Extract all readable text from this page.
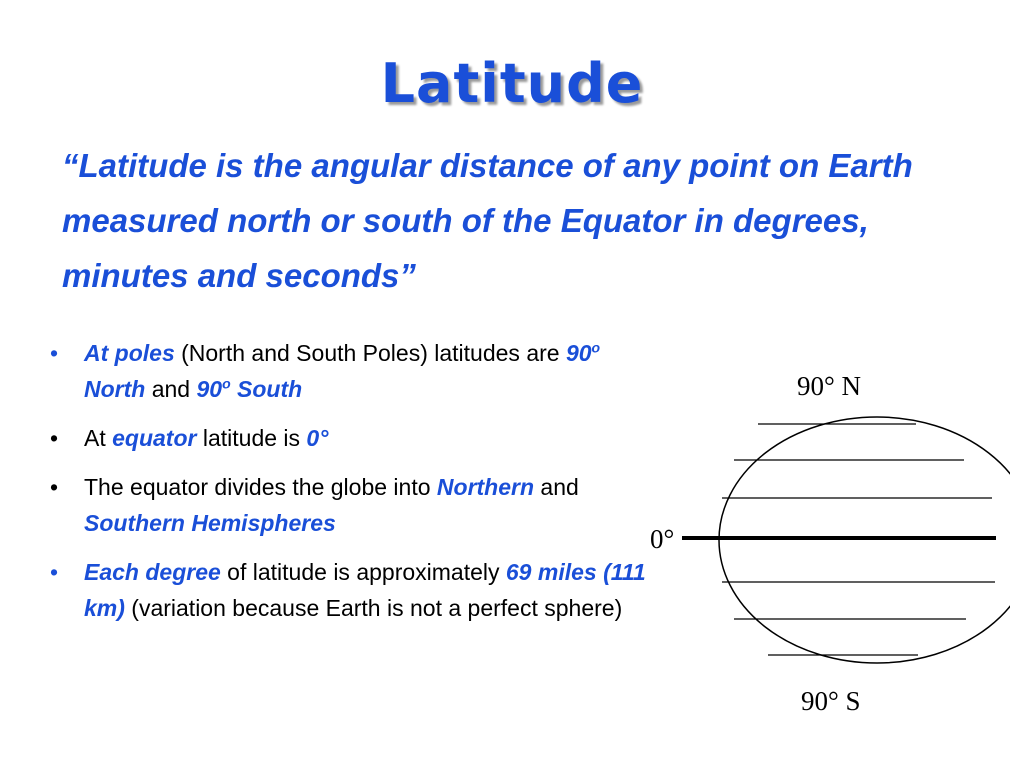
Latitude

“Latitude is the angular distance of any point on Earth measured north or south of the Equator in degrees, minutes and seconds”

• At poles (North and South Poles) latitudes are 90$^o$ North and 90$^o$ South
• At equator latitude is 0°
• The equator divides the globe into Northern and Southern Hemispheres
• Each degree of latitude is approximately 69 miles (111 km) (variation because Earth is not a perfect sphere)
90° N
0°
90° S
